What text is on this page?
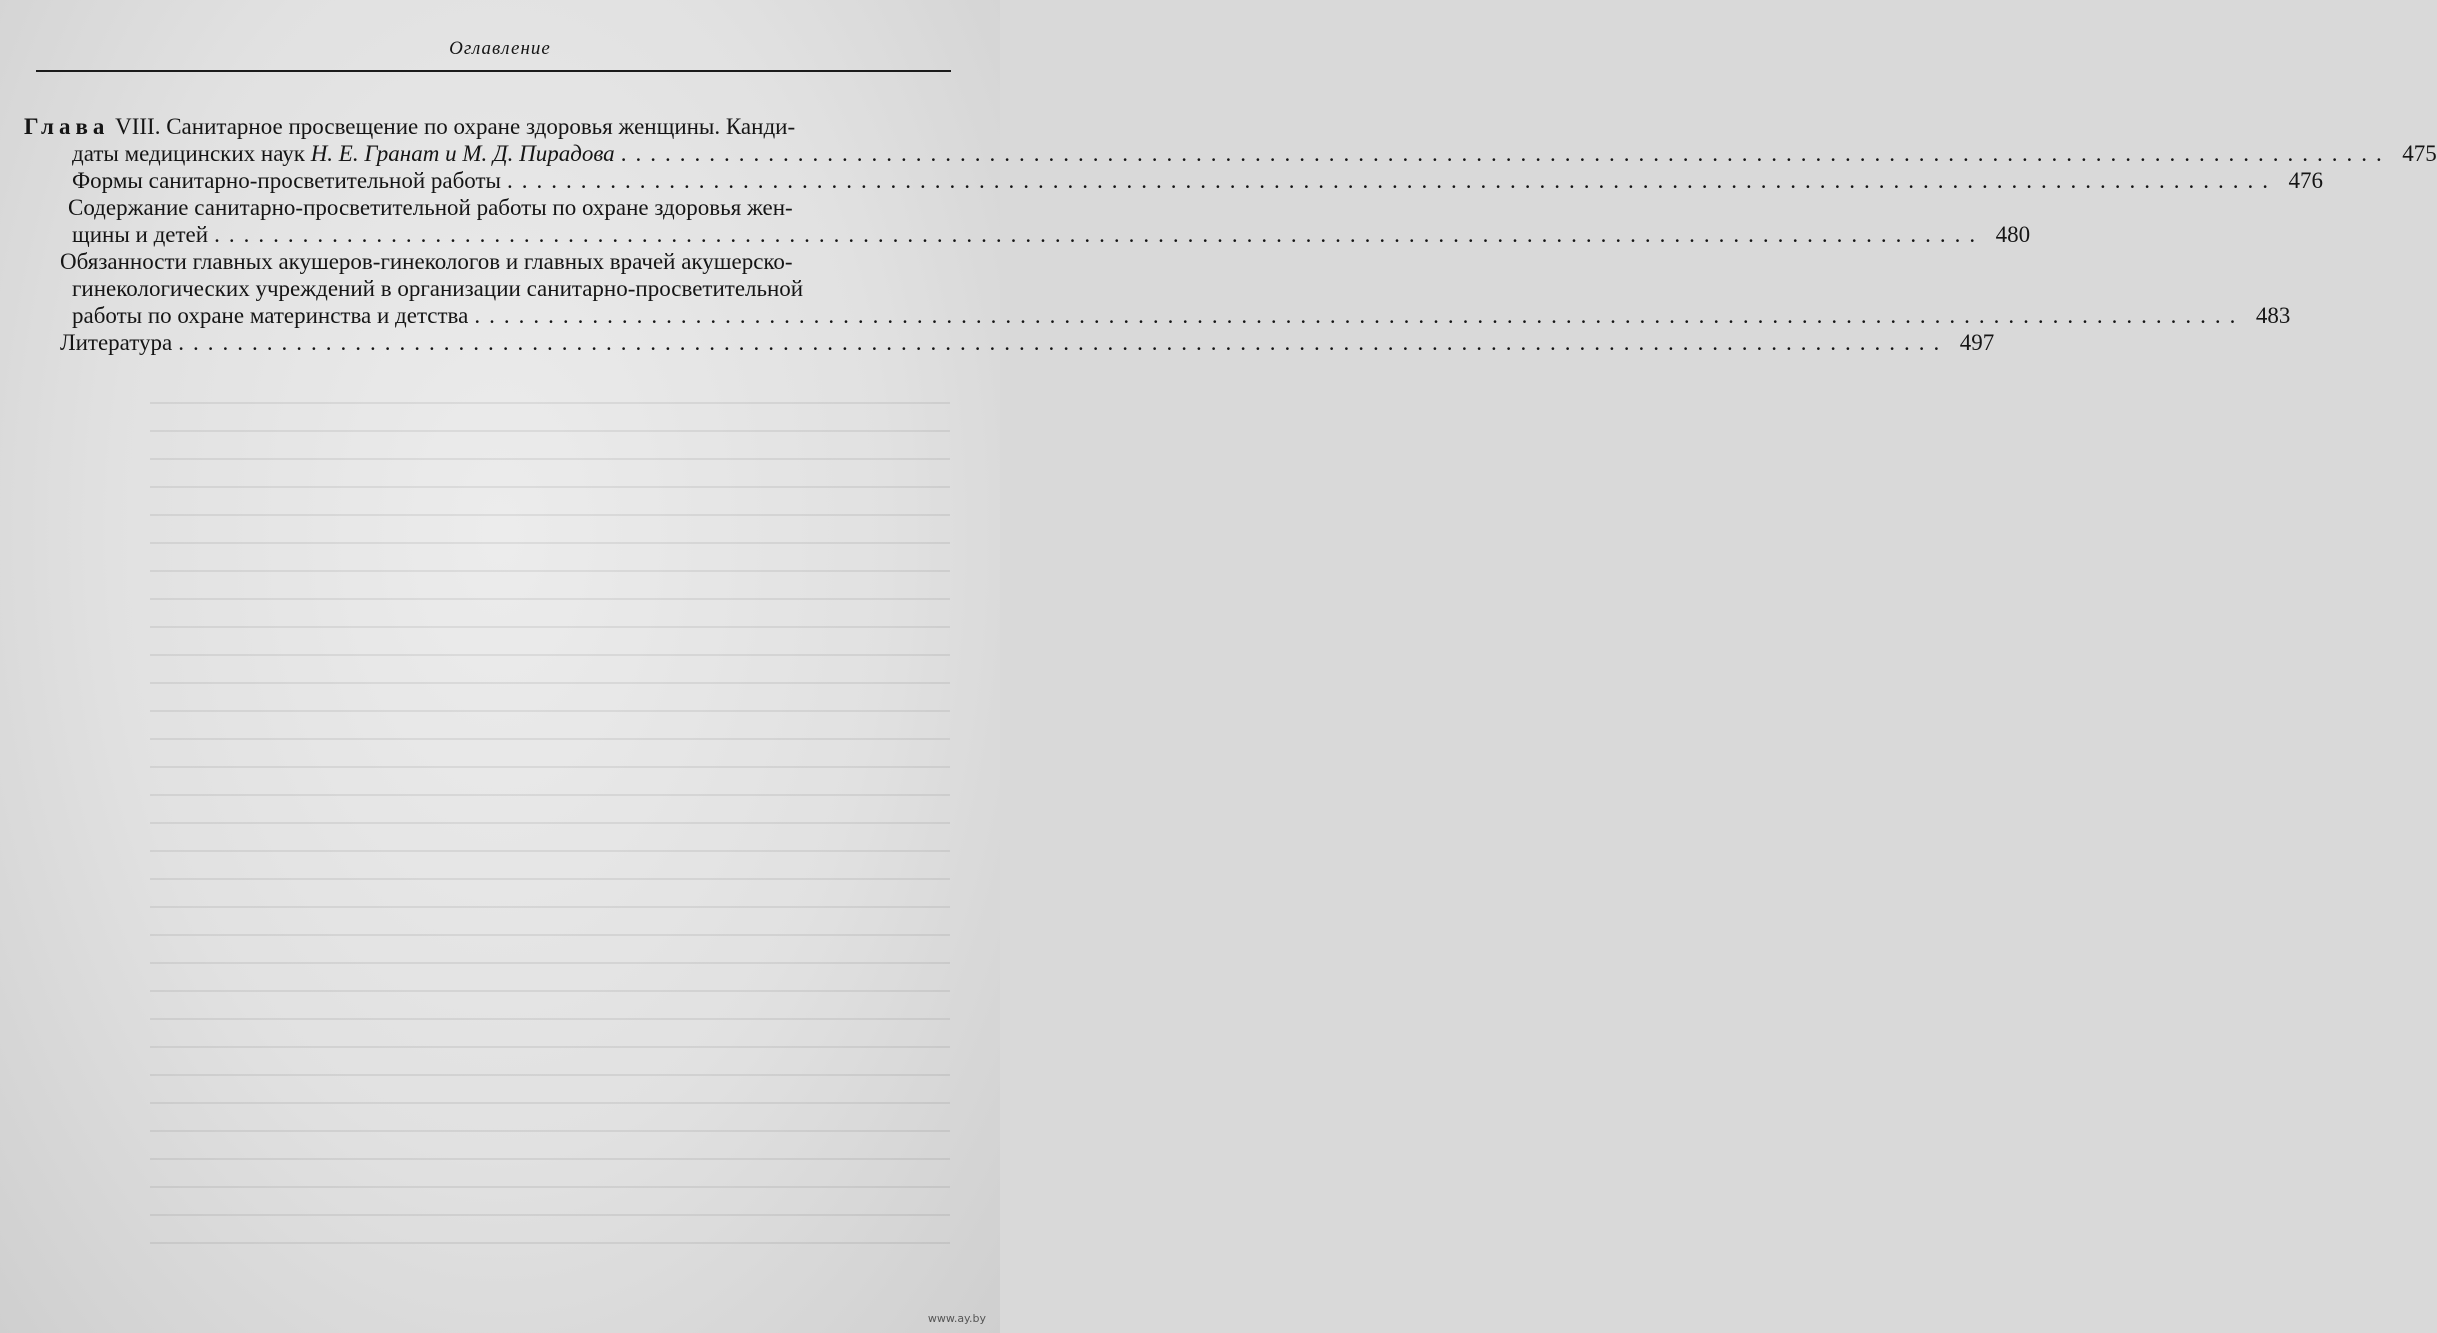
Оглавление
Глава VIII. Санитарное просвещение по охране здоровья женщины. Канди-
даты медицинских наук Н. Е. Гранат и М. Д. Пирадова ........................................................................................................................ 475
Формы санитарно-просветительной работы ........................................................................................................................ 476
Содержание санитарно-просветительной работы по охране здоровья жен-
щины и детей ........................................................................................................................ 480
Обязанности главных акушеров-гинекологов и главных врачей акушерско-
гинекологических учреждений в организации санитарно-просветительной
работы по охране материнства и детства ........................................................................................................................ 483
Литература ........................................................................................................................ 497
www.ay.by
